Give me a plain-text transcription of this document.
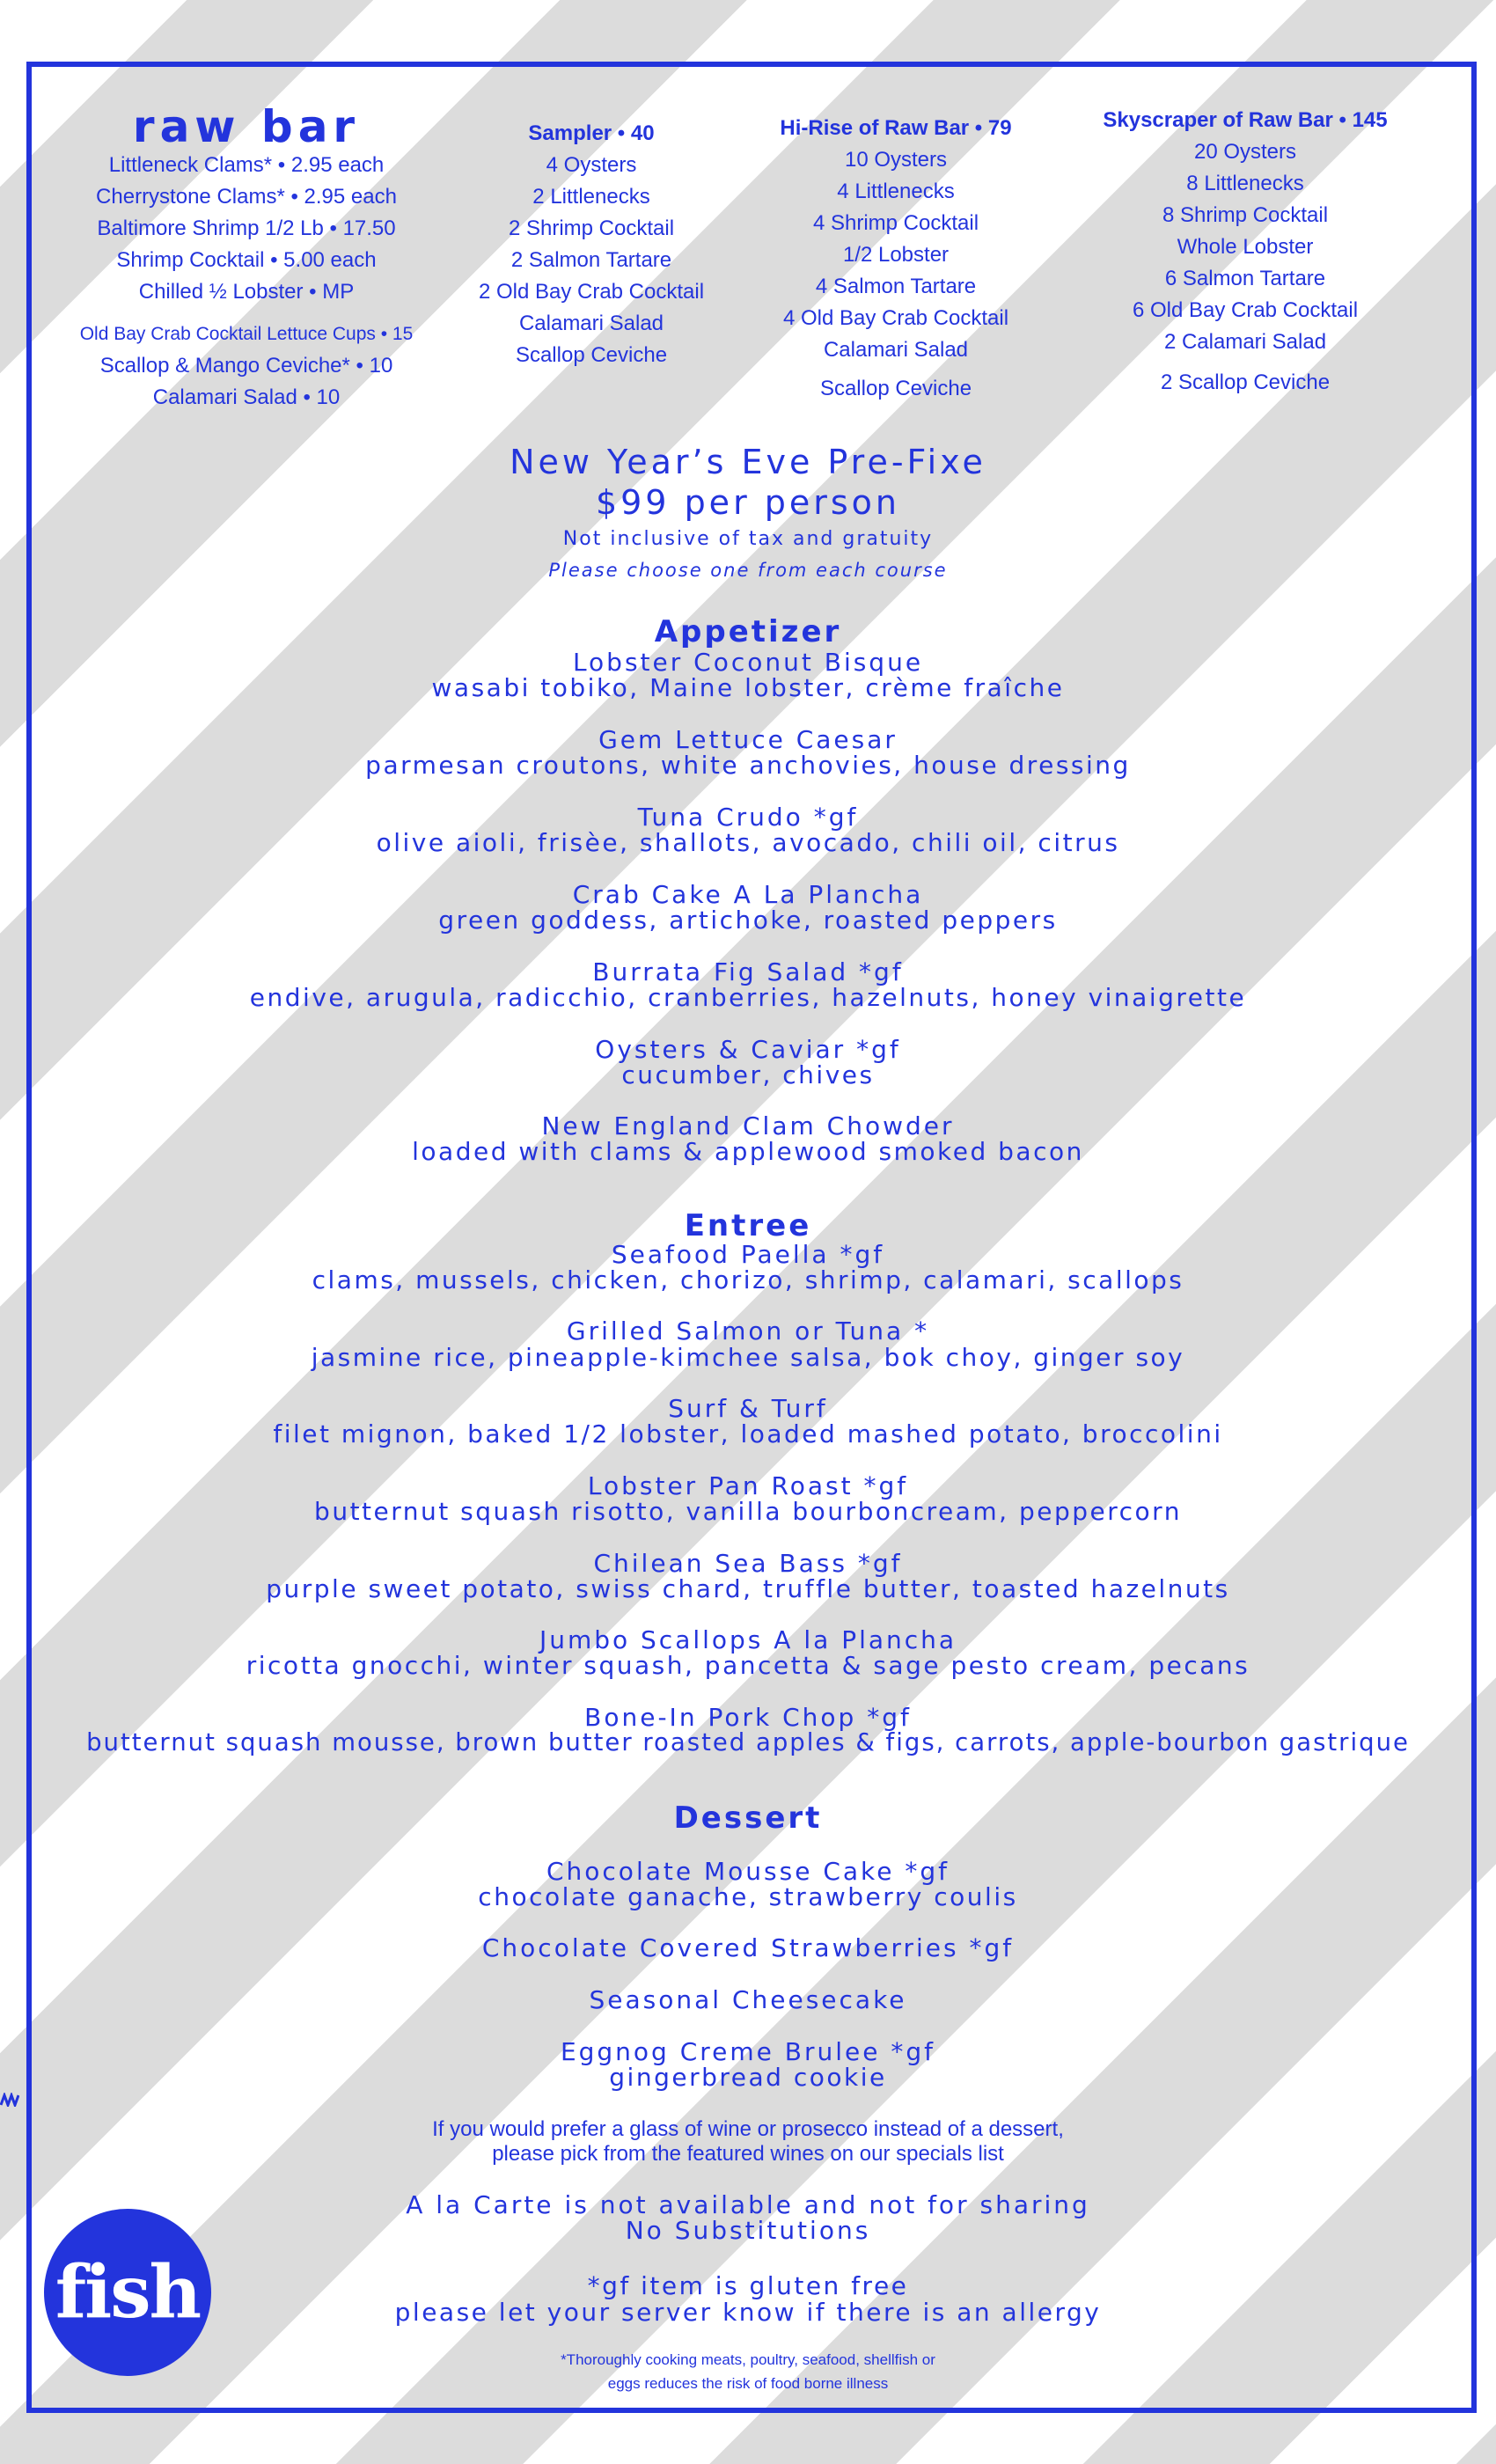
raw bar
Littleneck Clams* • 2.95 each
Cherrystone Clams* • 2.95 each
Baltimore Shrimp 1/2 Lb • 17.50
Shrimp Cocktail • 5.00 each
Chilled ½ Lobster • MP
Old Bay Crab Cocktail Lettuce Cups • 15
Scallop & Mango Ceviche* • 10
Calamari Salad • 10
Sampler • 40
4 Oysters
2 Littlenecks
2 Shrimp Cocktail
2 Salmon Tartare
2 Old Bay Crab Cocktail
Calamari Salad
Scallop Ceviche
Hi-Rise of Raw Bar • 79
10 Oysters
4 Littlenecks
4 Shrimp Cocktail
1/2 Lobster
4 Salmon Tartare
4 Old Bay Crab Cocktail
Calamari Salad
Scallop Ceviche
Skyscraper of Raw Bar • 145
20 Oysters
8 Littlenecks
8 Shrimp Cocktail
Whole Lobster
6 Salmon Tartare
6 Old Bay Crab Cocktail
2 Calamari Salad
2 Scallop Ceviche
New Year’s Eve Pre-Fixe
$99 per person
Not inclusive of tax and gratuity
Please choose one from each course
Appetizer
Lobster Coconut Bisque
wasabi tobiko, Maine lobster, crème fraîche
Gem Lettuce Caesar
parmesan croutons, white anchovies, house dressing
Tuna Crudo *gf
olive aioli, frisèe, shallots, avocado, chili oil, citrus
Crab Cake A La Plancha
green goddess, artichoke, roasted peppers
Burrata Fig Salad *gf
endive, arugula, radicchio, cranberries, hazelnuts, honey vinaigrette
Oysters & Caviar *gf
cucumber, chives
New England Clam Chowder
loaded with clams & applewood smoked bacon
Entree
Seafood Paella *gf
clams, mussels, chicken, chorizo, shrimp, calamari, scallops
Grilled Salmon or Tuna *
jasmine rice, pineapple-kimchee salsa, bok choy, ginger soy
Surf & Turf
filet mignon, baked 1/2 lobster, loaded mashed potato, broccolini
Lobster Pan Roast *gf
butternut squash risotto, vanilla bourboncream, peppercorn
Chilean Sea Bass *gf
purple sweet potato, swiss chard, truffle butter, toasted hazelnuts
Jumbo Scallops A la Plancha
ricotta gnocchi, winter squash, pancetta & sage pesto cream, pecans
Bone-In Pork Chop *gf
butternut squash mousse, brown butter roasted apples & figs, carrots, apple-bourbon gastrique
Dessert
Chocolate Mousse Cake *gf
chocolate ganache, strawberry coulis
Chocolate Covered Strawberries *gf
Seasonal Cheesecake
Eggnog Creme Brulee *gf
gingerbread cookie
If you would prefer a glass of wine or prosecco instead of a dessert,
please pick from the featured wines on our specials list
A la Carte is not available and not for sharing
No Substitutions
*gf item is gluten free
please let your server know if there is an allergy
*Thoroughly cooking meats, poultry, seafood, shellfish or
eggs reduces the risk of food borne illness
fish
